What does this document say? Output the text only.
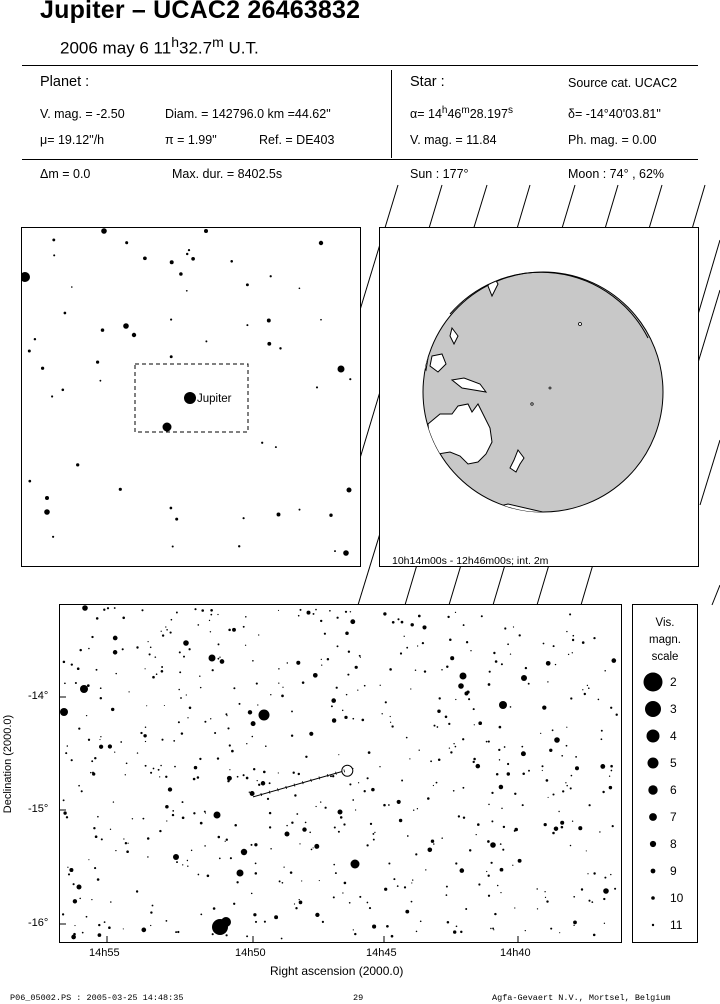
Jupiter – UCAC2 26463832
2006 may 6 11$^h$32.7$^m$ U.T.
Planet :
V. mag. = -2.50	Diam. = 142796.0 km =44.62"
μ= 19.12"/h	π = 1.99"	Ref. = DE403
Δm = 0.0	Max. dur. = 8402.5s
Star :	Source cat. UCAC2
$\alpha= 14^h46^m28.197^s$	δ= -14°40'03.81"
V. mag. = 11.84	Ph. mag. = 0.00
Sun : 177°	Moon : 74° , 62%
Jupiter
10h14m00s - 12h46m00s; int. 2m
Declination (2000.0)
-14°
-15°
-16°
14h55	14h50	14h45	14h40
Right ascension (2000.0)
Vis.
magn.
scale
2
3
4
5
6
7
8
9
10
11
P06_05002.PS : 2005-03-25 14:48:35	29	Agfa-Gevaert N.V., Mortsel, Belgium
